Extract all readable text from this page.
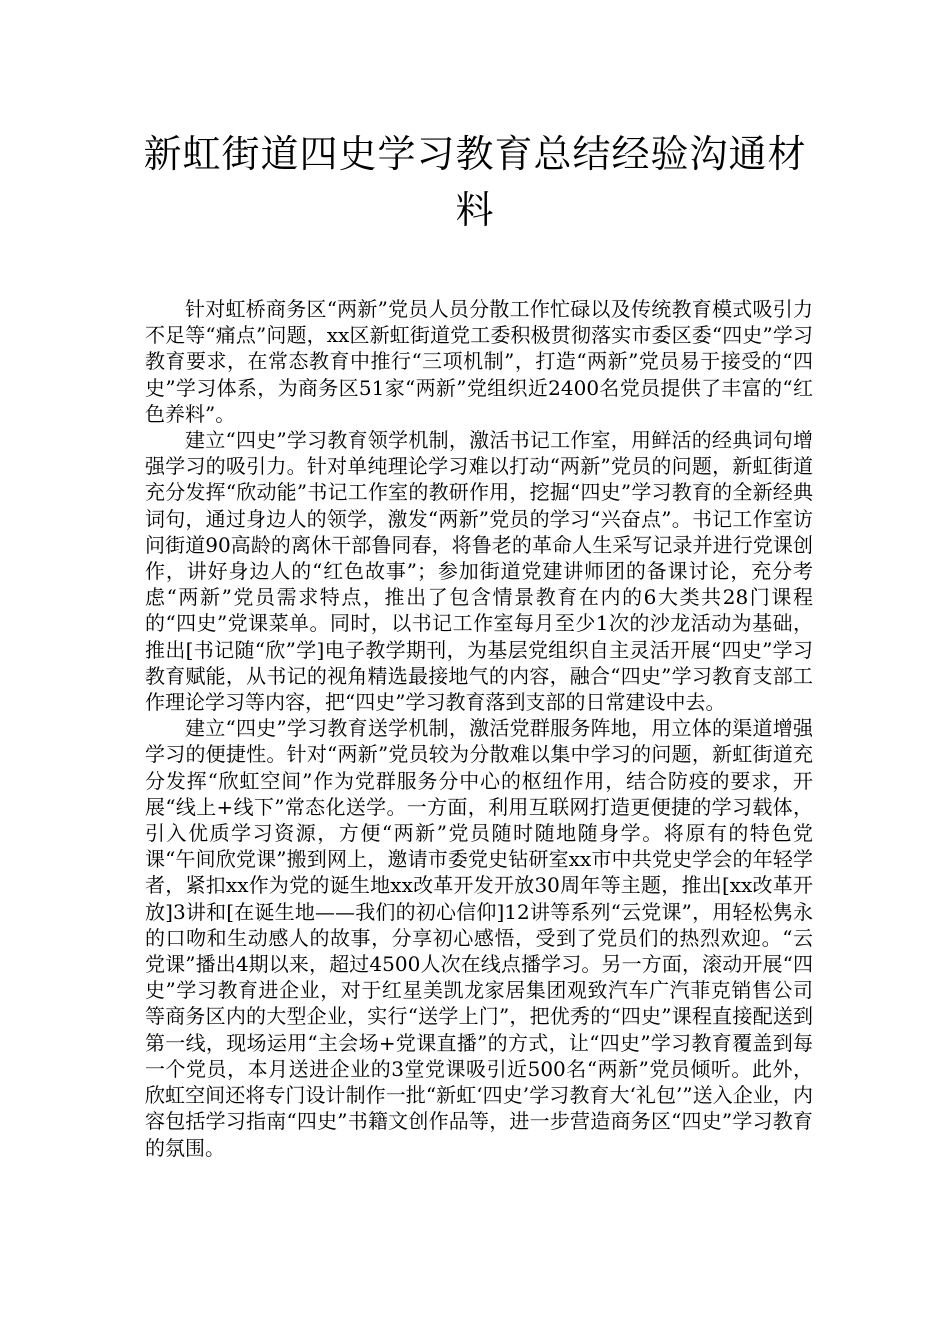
新虹街道四史学习教育总结经验沟通材料

针对虹桥商务区“两新”党员人员分散工作忙碌以及传统教育模式吸引力不足等“痛点”问题，xx区新虹街道党工委积极贯彻落实市委区委“四史”学习教育要求，在常态教育中推行“三项机制”，打造“两新”党员易于接受的“四史”学习体系，为商务区51家“两新”党组织近2400名党员提供了丰富的“红色养料”。

建立“四史”学习教育领学机制，激活书记工作室，用鲜活的经典词句增强学习的吸引力。针对单纯理论学习难以打动“两新”党员的问题，新虹街道充分发挥“欣动能”书记工作室的教研作用，挖掘“四史”学习教育的全新经典词句，通过身边人的领学，激发“两新”党员的学习“兴奋点”。书记工作室访问街道90高龄的离休干部鲁同春，将鲁老的革命人生采写记录并进行党课创作，讲好身边人的“红色故事”；参加街道党建讲师团的备课讨论，充分考虑“两新”党员需求特点，推出了包含情景教育在内的6大类共28门课程的“四史”党课菜单。同时，以书记工作室每月至少1次的沙龙活动为基础，推出[书记随“欣”学]电子教学期刊，为基层党组织自主灵活开展“四史”学习教育赋能，从书记的视角精选最接地气的内容，融合“四史”学习教育支部工作理论学习等内容，把“四史”学习教育落到支部的日常建设中去。

建立“四史”学习教育送学机制，激活党群服务阵地，用立体的渠道增强学习的便捷性。针对“两新”党员较为分散难以集中学习的问题，新虹街道充分发挥“欣虹空间”作为党群服务分中心的枢纽作用，结合防疫的要求，开展“线上+线下”常态化送学。一方面，利用互联网打造更便捷的学习载体，引入优质学习资源，方便“两新”党员随时随地随身学。将原有的特色党课“午间欣党课”搬到网上，邀请市委党史钻研室xx市中共党史学会的年轻学者，紧扣xx作为党的诞生地xx改革开发开放30周年等主题，推出[xx改革开放]3讲和[在诞生地——我们的初心信仰]12讲等系列“云党课”，用轻松隽永的口吻和生动感人的故事，分享初心感悟，受到了党员们的热烈欢迎。“云党课”播出4期以来，超过4500人次在线点播学习。另一方面，滚动开展“四史”学习教育进企业，对于红星美凯龙家居集团观致汽车广汽菲克销售公司等商务区内的大型企业，实行“送学上门”，把优秀的“四史”课程直接配送到第一线，现场运用“主会场+党课直播”的方式，让“四史”学习教育覆盖到每一个党员，本月送进企业的3堂党课吸引近500名“两新”党员倾听。此外，欣虹空间还将专门设计制作一批“新虹‘四史’学习教育大‘礼包’”送入企业，内容包括学习指南“四史”书籍文创作品等，进一步营造商务区“四史”学习教育的氛围。
